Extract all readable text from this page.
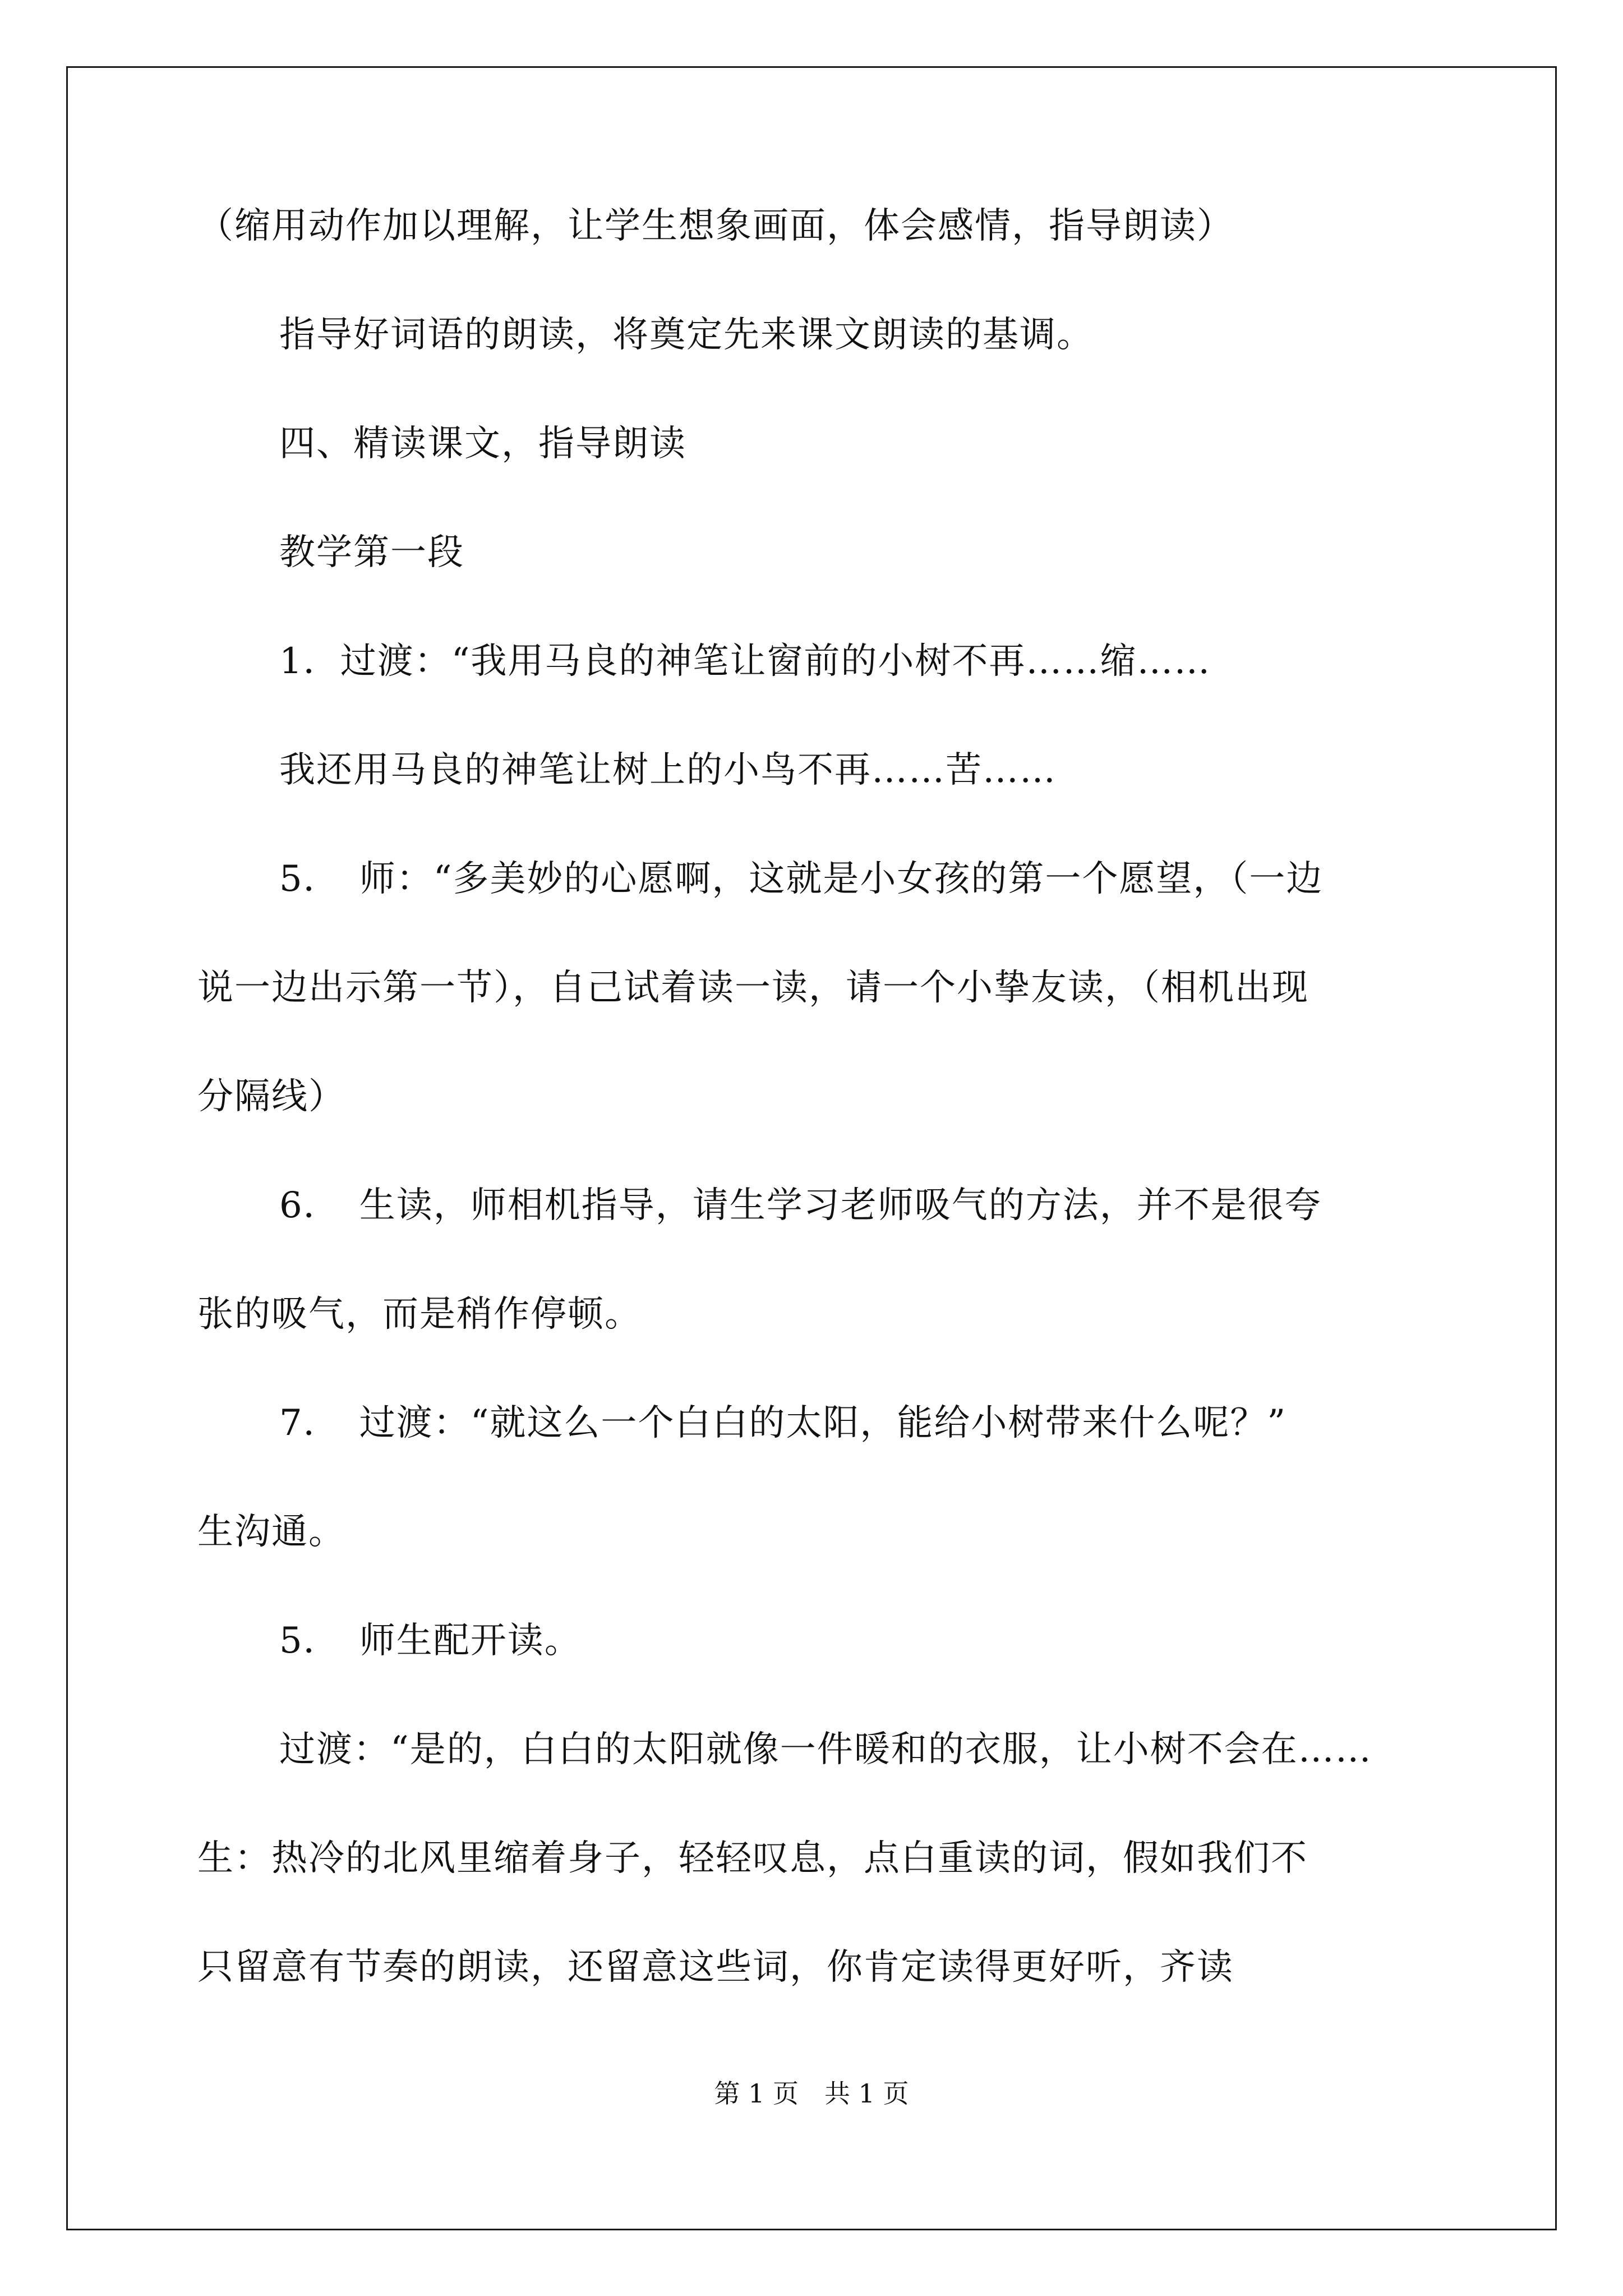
（缩用动作加以理解，让学生想象画面，体会感情，指导朗读）
指导好词语的朗读，将奠定先来课文朗读的基调。
四、精读课文，指导朗读
教学第一段
1．过渡：“我用马良的神笔让窗前的小树不再……缩……
我还用马良的神笔让树上的小鸟不再……苦……
5．　师：“多美妙的心愿啊，这就是小女孩的第一个愿望，（一边
说一边出示第一节），自己试着读一读，请一个小挚友读，（相机出现
分隔线）
6．　生读，师相机指导，请生学习老师吸气的方法，并不是很夸
张的吸气，而是稍作停顿。
7．　过渡：“就这么一个白白的太阳，能给小树带来什么呢？”
生沟通。
5．　师生配开读。
过渡：“是的，白白的太阳就像一件暖和的衣服，让小树不会在……
生：热冷的北风里缩着身子，轻轻叹息，点白重读的词，假如我们不
只留意有节奏的朗读，还留意这些词，你肯定读得更好听，齐读
第 1 页　共 1 页
